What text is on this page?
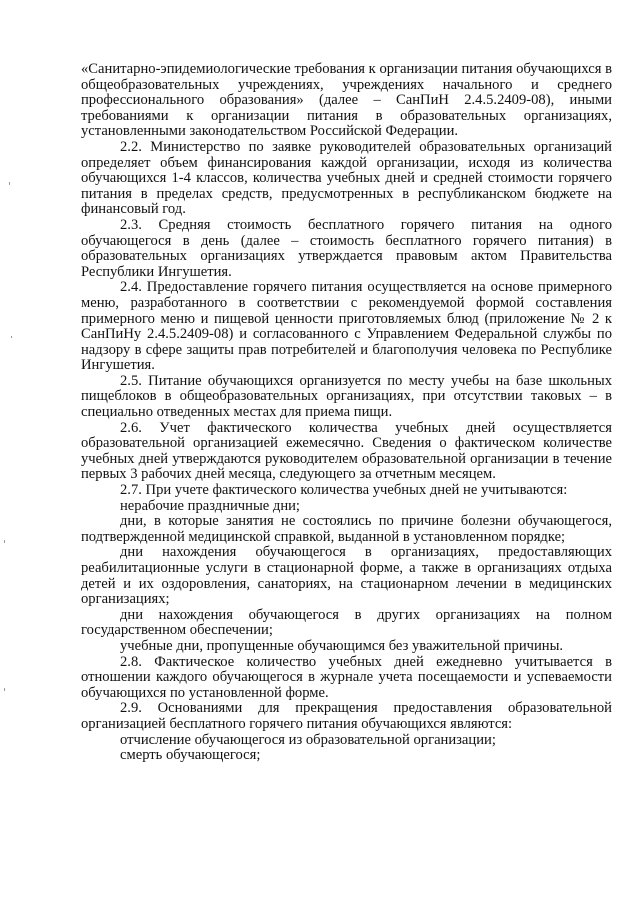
«Санитарно-эпидемиологические требования к организации питания обучающихся в общеобразовательных учреждениях, учреждениях начального и среднего профессионального образования» (далее – СанПиН 2.4.5.2409-08), иными требованиями к организации питания в образовательных организациях, установленными законодательством Российской Федерации.

2.2. Министерство по заявке руководителей образовательных организаций определяет объем финансирования каждой организации, исходя из количества обучающихся 1-4 классов, количества учебных дней и средней стоимости горячего питания в пределах средств, предусмотренных в республиканском бюджете на финансовый год.

2.3. Средняя стоимость бесплатного горячего питания на одного обучающегося в день (далее – стоимость бесплатного горячего питания) в образовательных организациях утверждается правовым актом Правительства Республики Ингушетия.

2.4. Предоставление горячего питания осуществляется на основе примерного меню, разработанного в соответствии с рекомендуемой формой составления примерного меню и пищевой ценности приготовляемых блюд (приложение № 2 к СанПиНу 2.4.5.2409-08) и согласованного с Управлением Федеральной службы по надзору в сфере защиты прав потребителей и благополучия человека по Республике Ингушетия.

2.5. Питание обучающихся организуется по месту учебы на базе школьных пищеблоков в общеобразовательных организациях, при отсутствии таковых – в специально отведенных местах для приема пищи.

2.6. Учет фактического количества учебных дней осуществляется образовательной организацией ежемесячно. Сведения о фактическом количестве учебных дней утверждаются руководителем образовательной организации в течение первых 3 рабочих дней месяца, следующего за отчетным месяцем.

2.7. При учете фактического количества учебных дней не учитываются:

нерабочие праздничные дни;

дни, в которые занятия не состоялись по причине болезни обучающегося, подтвержденной медицинской справкой, выданной в установленном порядке;

дни нахождения обучающегося в организациях, предоставляющих реабилитационные услуги в стационарной форме, а также в организациях отдыха детей и их оздоровления, санаториях, на стационарном лечении в медицинских организациях;

дни нахождения обучающегося в других организациях на полном государственном обеспечении;

учебные дни, пропущенные обучающимся без уважительной причины.

2.8. Фактическое количество учебных дней ежедневно учитывается в отношении каждого обучающегося в журнале учета посещаемости и успеваемости обучающихся по установленной форме.

2.9. Основаниями для прекращения предоставления образовательной организацией бесплатного горячего питания обучающихся являются:

отчисление обучающегося из образовательной организации;

смерть обучающегося;
